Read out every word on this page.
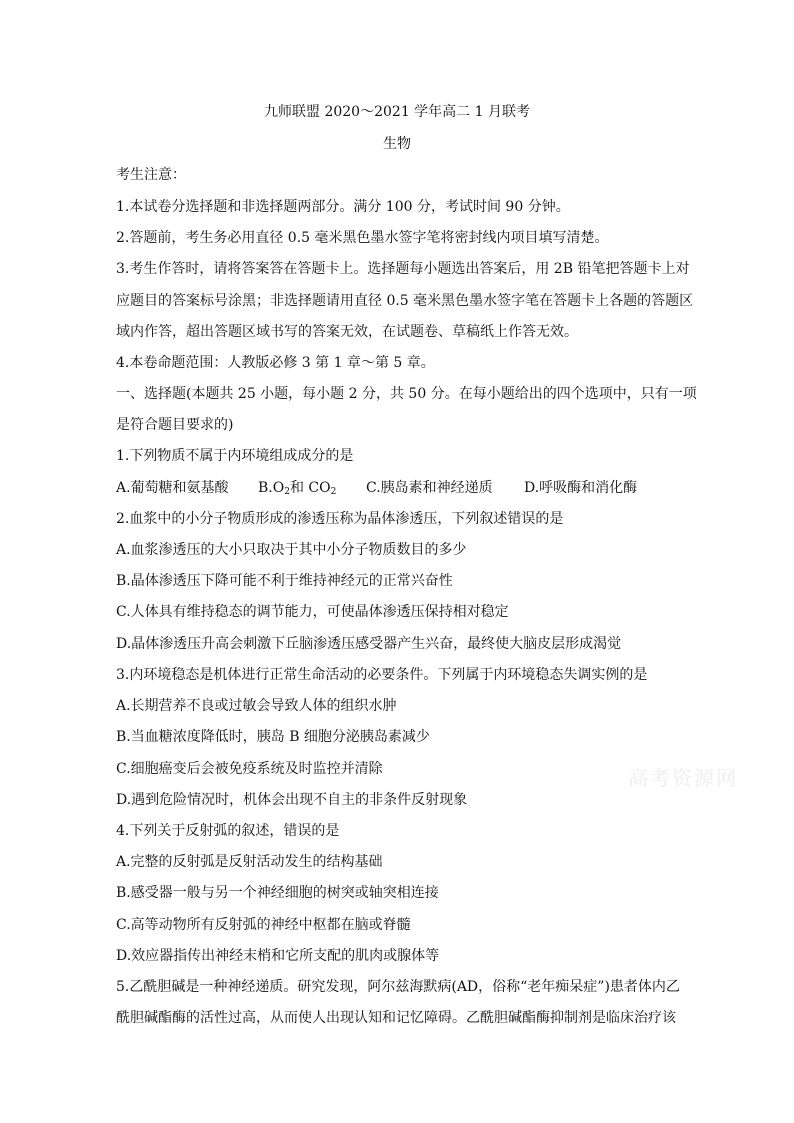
九师联盟 2020～2021 学年高二 1 月联考
生物
考生注意：
1.本试卷分选择题和非选择题两部分。满分 100 分，考试时间 90 分钟。
2.答题前，考生务必用直径 0.5 毫米黑色墨水签字笔将密封线内项目填写清楚。
3.考生作答时，请将答案答在答题卡上。选择题每小题选出答案后，用 2B 铅笔把答题卡上对
应题目的答案标号涂黑；非选择题请用直径 0.5 毫米黑色墨水签字笔在答题卡上各题的答题区
域内作答，超出答题区域书写的答案无效，在试题卷、草稿纸上作答无效。
4.本卷命题范围：人教版必修 3 第 1 章～第 5 章。
一、选择题(本题共 25 小题，每小题 2 分，共 50 分。在每小题给出的四个选项中，只有一项
是符合题目要求的)
1.下列物质不属于内环境组成成分的是
A.葡萄糖和氨基酸 $B.O_2$和 $CO_2$ C.胰岛素和神经递质 D.呼吸酶和消化酶
2.血浆中的小分子物质形成的渗透压称为晶体渗透压，下列叙述错误的是
A.血浆渗透压的大小只取决于其中小分子物质数目的多少
B.晶体渗透压下降可能不利于维持神经元的正常兴奋性
C.人体具有维持稳态的调节能力，可使晶体渗透压保持相对稳定
D.晶体渗透压升高会刺激下丘脑渗透压感受器产生兴奋，最终使大脑皮层形成渴觉
3.内环境稳态是机体进行正常生命活动的必要条件。下列属于内环境稳态失调实例的是
A.长期营养不良或过敏会导致人体的组织水肿
B.当血糖浓度降低时，胰岛 B 细胞分泌胰岛素减少
C.细胞癌变后会被免疫系统及时监控并清除
D.遇到危险情况时，机体会出现不自主的非条件反射现象
4.下列关于反射弧的叙述，错误的是
A.完整的反射弧是反射活动发生的结构基础
B.感受器一般与另一个神经细胞的树突或轴突相连接
C.高等动物所有反射弧的神经中枢都在脑或脊髓
D.效应器指传出神经末梢和它所支配的肌肉或腺体等
5.乙酰胆碱是一种神经递质。研究发现，阿尔兹海默病(AD，俗称“老年痴呆症”)患者体内乙
酰胆碱酯酶的活性过高，从而使人出现认知和记忆障碍。乙酰胆碱酯酶抑制剂是临床治疗该
高考资源网
